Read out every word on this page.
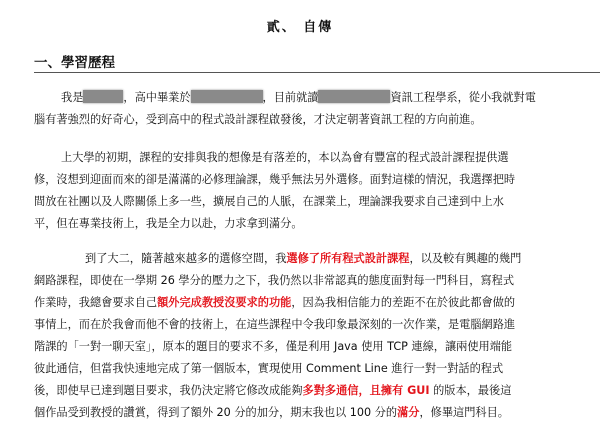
貳、 自傳
一、學習歷程
我是	，高中畢業於	，目前就讀	資訊工程學系，從小我就對電
腦有著強烈的好奇心，受到高中的程式設計課程啟發後，才決定朝著資訊工程的方向前進。
上大學的初期，課程的安排與我的想像是有落差的，本以為會有豐富的程式設計課程提供選
修，沒想到迎面而來的卻是滿滿的必修理論課，幾乎無法另外選修。面對這樣的情況，我選擇把時
間放在社團以及人際關係上多一些，擴展自己的人脈，在課業上，理論課我要求自己達到中上水
平，但在專業技術上，我是全力以赴，力求拿到滿分。
到了大二，隨著越來越多的選修空間，我選修了所有程式設計課程，以及較有興趣的幾門
網路課程，即使在一學期 26 學分的壓力之下，我仍然以非常認真的態度面對每一門科目，寫程式
作業時，我總會要求自己額外完成教授沒要求的功能，因為我相信能力的差距不在於彼此都會做的
事情上，而在於我會而他不會的技術上，在這些課程中令我印象最深刻的一次作業，是電腦網路進
階課的「一對一聊天室」，原本的題目的要求不多，僅是利用 Java 使用 TCP 連線，讓兩使用端能
彼此通信，但當我快速地完成了第一個版本，實現使用 Comment Line 進行一對一對話的程式
後，即使早已達到題目要求，我仍決定將它修改成能夠多對多通信，且擁有 GUI 的版本，最後這
個作品受到教授的讚賞，得到了額外 20 分的加分，期末我也以 100 分的滿分，修畢這門科目。
